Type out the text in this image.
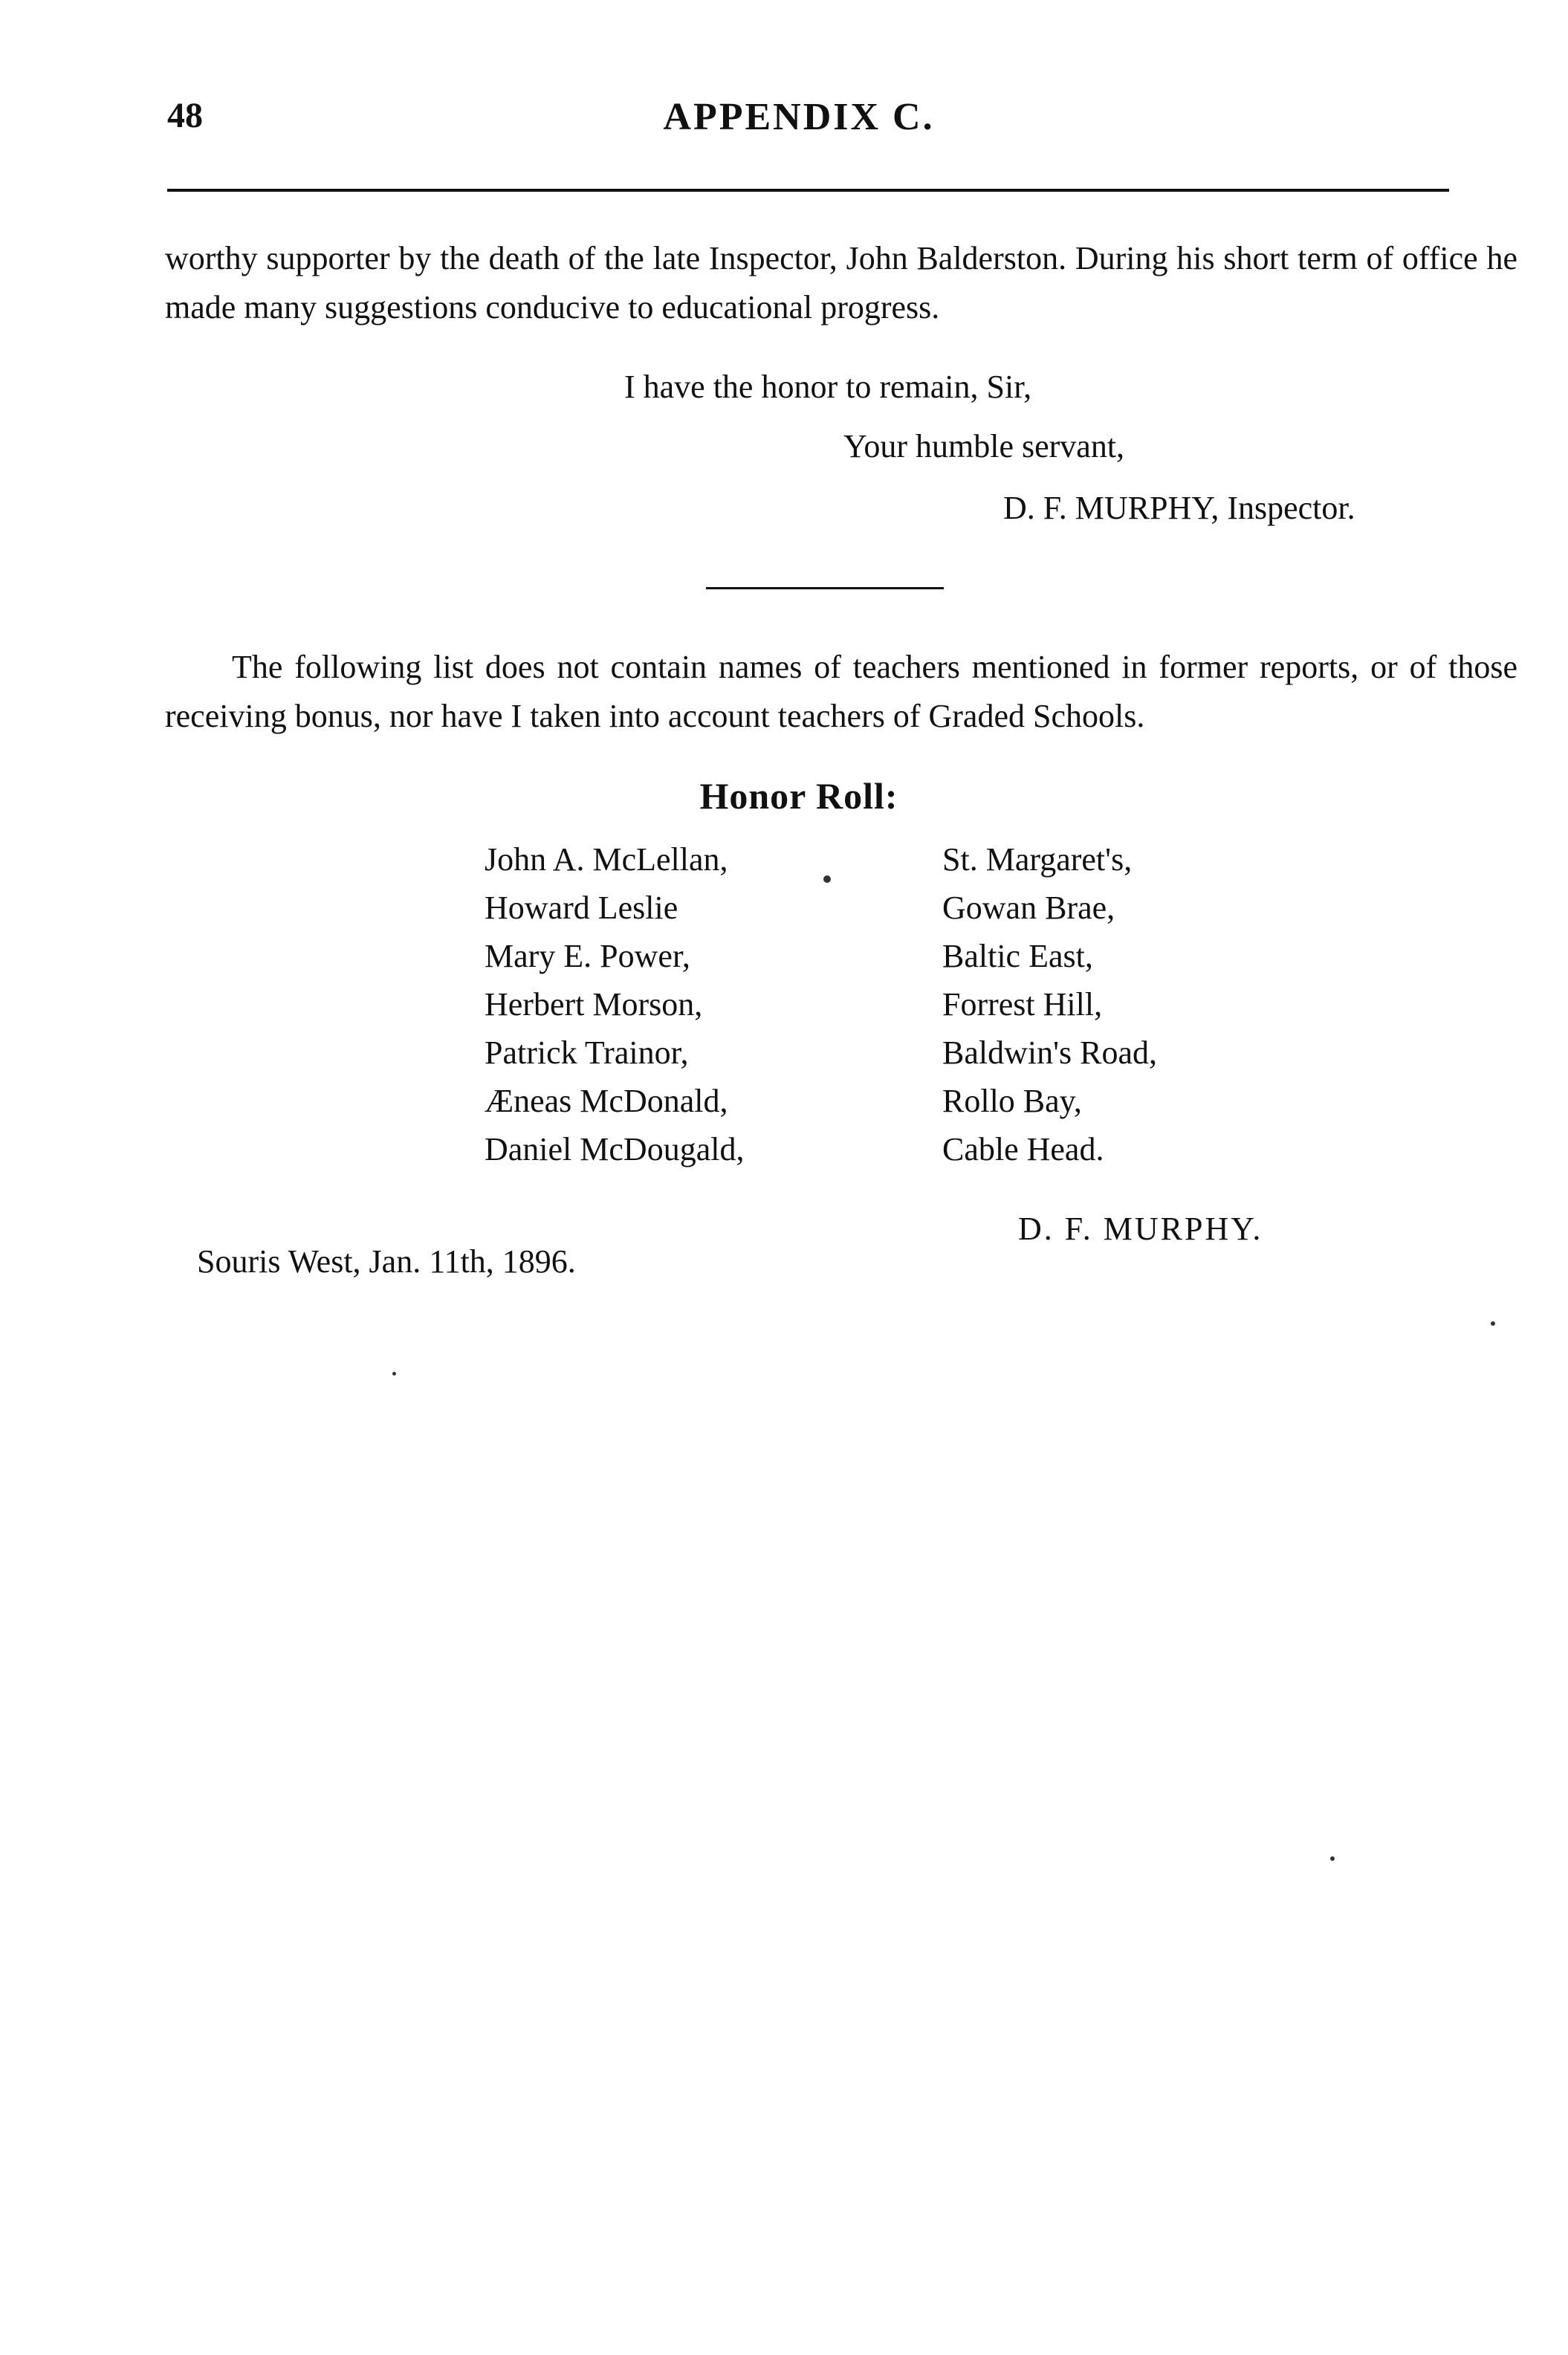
48	APPENDIX C.
worthy supporter by the death of the late Inspector, John Balderston. During his short term of office he made many suggestions conducive to educational progress.
I have the honor to remain, Sir,
Your humble servant,
D. F. MURPHY, Inspector.
The following list does not contain names of teachers mentioned in former reports, or of those receiving bonus, nor have I taken into account teachers of Graded Schools.
Honor Roll:
John A. McLellan,
Howard Leslie
Mary E. Power,
Herbert Morson,
Patrick Trainor,
Æneas McDonald,
Daniel McDougald,
St. Margaret's,
Gowan Brae,
Baltic East,
Forrest Hill,
Baldwin's Road,
Rollo Bay,
Cable Head.
D. F. MURPHY.
Souris West, Jan. 11th, 1896.
